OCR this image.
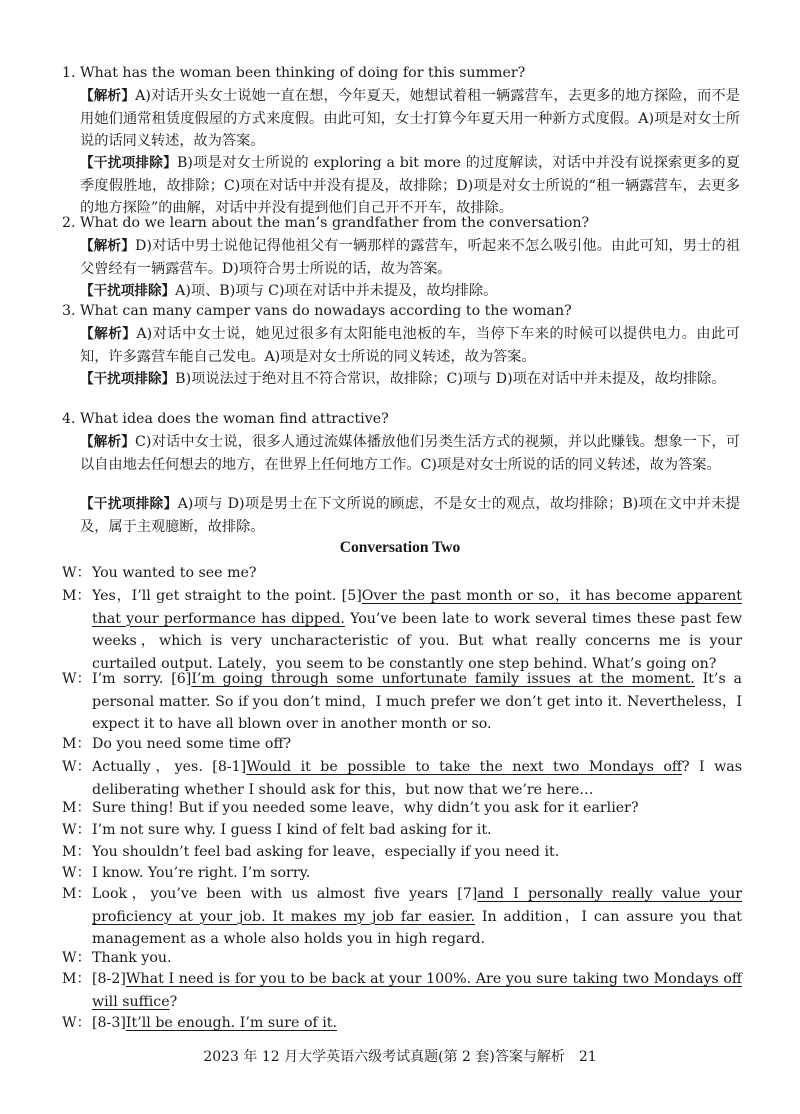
1. What has the woman been thinking of doing for this summer?

【解析】A)对话开头女士说她一直在想，今年夏天，她想试着租一辆露营车，去更多的地方探险，而不是用她们通常租赁度假屋的方式来度假。由此可知，女士打算今年夏天用一种新方式度假。A)项是对女士所说的话同义转述，故为答案。

【干扰项排除】B)项是对女士所说的 exploring a bit more 的过度解读，对话中并没有说探索更多的夏季度假胜地，故排除；C)项在对话中并没有提及，故排除；D)项是对女士所说的“租一辆露营车，去更多的地方探险”的曲解，对话中并没有提到他们自己开不开车，故排除。

2. What do we learn about the man’s grandfather from the conversation?

【解析】D)对话中男士说他记得他祖父有一辆那样的露营车，听起来不怎么吸引他。由此可知，男士的祖父曾经有一辆露营车。D)项符合男士所说的话，故为答案。

【干扰项排除】A)项、B)项与 C)项在对话中并未提及，故均排除。

3. What can many camper vans do nowadays according to the woman?

【解析】A)对话中女士说，她见过很多有太阳能电池板的车，当停下车来的时候可以提供电力。由此可知，许多露营车能自己发电。A)项是对女士所说的同义转述，故为答案。

【干扰项排除】B)项说法过于绝对且不符合常识，故排除；C)项与 D)项在对话中并未提及，故均排除。

4. What idea does the woman find attractive?

【解析】C)对话中女士说，很多人通过流媒体播放他们另类生活方式的视频，并以此赚钱。想象一下，可以自由地去任何想去的地方，在世界上任何地方工作。C)项是对女士所说的话的同义转述，故为答案。

【干扰项排除】A)项与 D)项是男士在下文所说的顾虑，不是女士的观点，故均排除；B)项在文中并未提及，属于主观臆断，故排除。

Conversation Two

W： You wanted to see me?

M： Yes，I’ll get straight to the point. [5]Over the past month or so，it has become apparent that your performance has dipped. You’ve been late to work several times these past few weeks，which is very uncharacteristic of you. But what really concerns me is your curtailed output. Lately，you seem to be constantly one step behind. What’s going on?

W： I’m sorry. [6]I’m going through some unfortunate family issues at the moment. It’s a personal matter. So if you don’t mind，I much prefer we don’t get into it. Nevertheless，I expect it to have all blown over in another month or so.

M： Do you need some time off?

W： Actually，yes. [8-1]Would it be possible to take the next two Mondays off? I was deliberating whether I should ask for this，but now that we’re here…

M： Sure thing! But if you needed some leave，why didn’t you ask for it earlier?

W： I’m not sure why. I guess I kind of felt bad asking for it.

M： You shouldn’t feel bad asking for leave，especially if you need it.

W： I know. You’re right. I’m sorry.

M： Look，you’ve been with us almost five years [7]and I personally really value your proficiency at your job. It makes my job far easier. In addition，I can assure you that management as a whole also holds you in high regard.

W： Thank you.

M： [8-2]What I need is for you to be back at your 100%. Are you sure taking two Mondays off will suffice?

W： [8-3]It’ll be enough. I’m sure of it.

2023 年 12 月大学英语六级考试真题(第 2 套)答案与解析 21
